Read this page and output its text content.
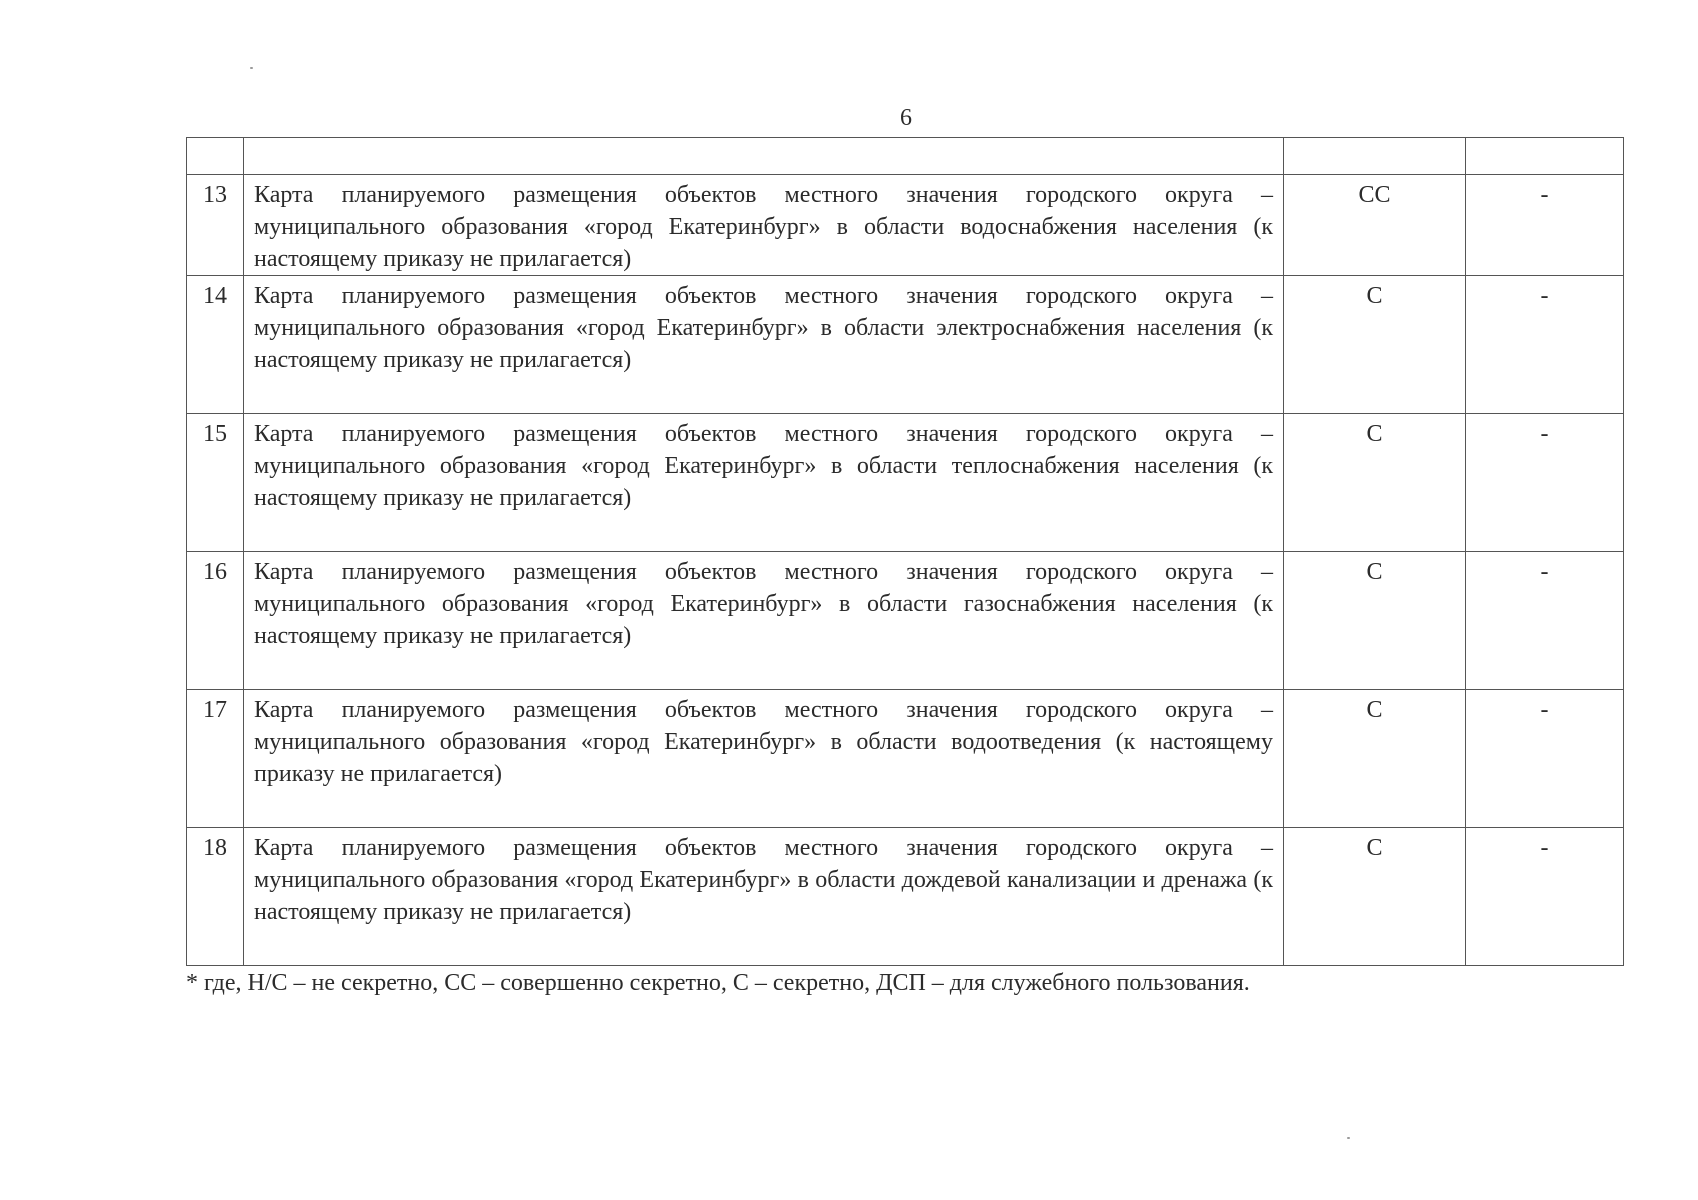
6

13	Карта планируемого размещения объектов местного значения городского округа – муниципального образования «город Екатеринбург» в области водоснабжения населения (к настоящему приказу не прилагается)	СС	-
14	Карта планируемого размещения объектов местного значения городского округа – муниципального образования «город Екатеринбург» в области электроснабжения населения (к настоящему приказу не прилагается)	С	-
15	Карта планируемого размещения объектов местного значения городского округа – муниципального образования «город Екатеринбург» в области теплоснабжения населения (к настоящему приказу не прилагается)	С	-
16	Карта планируемого размещения объектов местного значения городского округа – муниципального образования «город Екатеринбург» в области газоснабжения населения (к настоящему приказу не прилагается)	С	-
17	Карта планируемого размещения объектов местного значения городского округа – муниципального образования «город Екатеринбург» в области водоотведения (к настоящему приказу не прилагается)	С	-
18	Карта планируемого размещения объектов местного значения городского округа – муниципального образования «город Екатеринбург» в области дождевой канализации и дренажа (к настоящему приказу не прилагается)	С	-
* где, Н/С – не секретно, СС – совершенно секретно, С – секретно, ДСП – для служебного пользования.
